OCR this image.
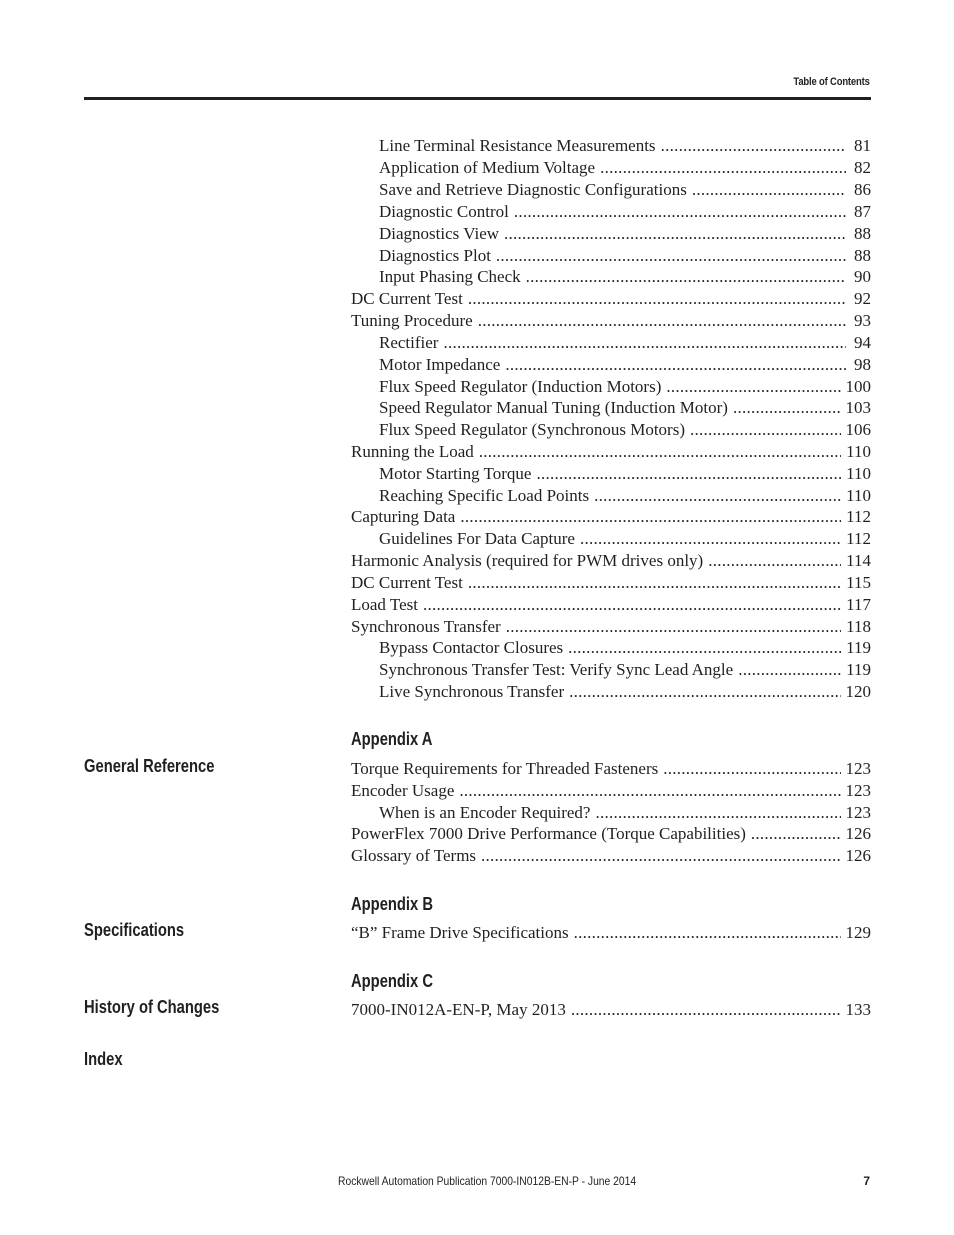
Table of Contents
Line Terminal Resistance Measurements . . .	81
Application of Medium Voltage . . .	82
Save and Retrieve Diagnostic Configurations . . .	86
Diagnostic Control . . .	87
Diagnostics View . . .	88
Diagnostics Plot . . .	88
Input Phasing Check . . .	90
DC Current Test . . .	92
Tuning Procedure . . .	93
Rectifier . . .	94
Motor Impedance . . .	98
Flux Speed Regulator (Induction Motors) . . .	100
Speed Regulator Manual Tuning (Induction Motor) . . .	103
Flux Speed Regulator (Synchronous Motors) . . .	106
Running the Load . . .	110
Motor Starting Torque . . .	110
Reaching Specific Load Points . . .	110
Capturing Data . . .	112
Guidelines For Data Capture . . .	112
Harmonic Analysis (required for PWM drives only) . . .	114
DC Current Test . . .	115
Load Test . . .	117
Synchronous Transfer . . .	118
Bypass Contactor Closures . . .	119
Synchronous Transfer Test: Verify Sync Lead Angle . . .	119
Live Synchronous Transfer . . .	120
Appendix A
General Reference	Torque Requirements for Threaded Fasteners . . .	123
Encoder Usage . . .	123
When is an Encoder Required? . . .	123
PowerFlex 7000 Drive Performance (Torque Capabilities) . . .	126
Glossary of Terms . . .	126
Appendix B
Specifications	“B” Frame Drive Specifications . . .	129
Appendix C
History of Changes	7000-IN012A-EN-P, May 2013 . . .	133
Index
Rockwell Automation Publication 7000-IN012B-EN-P - June 2014	7
